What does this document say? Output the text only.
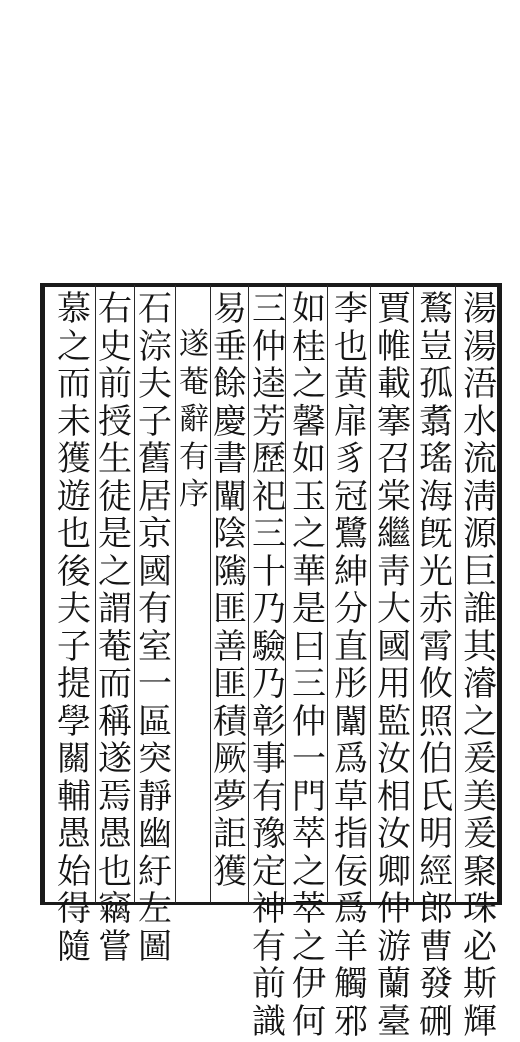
湯
湯
浯
水
流
淸
源
巨
誰
其
濬
之
爰
美
爰
聚
珠
必
斯
輝
鶩
豈
孤
翥
瑤
海
旣
光
赤
霄
攸
照
伯
氏
明
經
郎
曹
發
硎
賈
帷
載
搴
召
棠
繼
靑
大
國
用
監
汝
相
汝
卿
仲
游
蘭
臺
李
也
黄
扉
豸
冠
鷺
紳
分
直
彤
闈
爲
草
指
佞
爲
羊
觸
邪
如
桂
之
馨
如
玉
之
華
是
曰
三
仲
一
門
萃
之
萃
之
伊
何
三
仲
逵
芳
歷
祀
三
十
乃
驗
乃
彰
事
有
豫
定
神
有
前
識
易
垂
餘
慶
書
闡
陰
隲
匪
善
匪
積
厥
夢
詎
獲
遂
菴
辭
有
序
石
淙
夫
子
舊
居
京
國
有
室
一
區
突
靜
幽
紆
左
圖
右
史
前
授
生
徒
是
之
謂
菴
而
稱
遂
焉
愚
也
竊
嘗
慕
之
而
未
獲
遊
也
後
夫
子
提
學
關
輔
愚
始
得
隨
